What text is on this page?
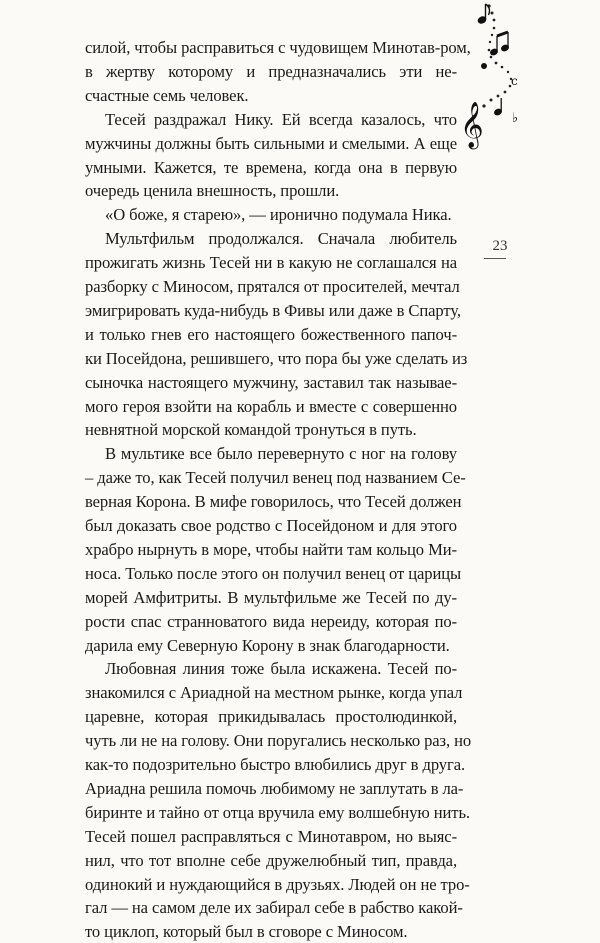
силой, чтобы расправиться с чудовищем Минотав-ром,
в жертву которому и предназначались эти не-
счастные семь человек.
Тесей раздражал Нику. Ей всегда казалось, что
мужчины должны быть сильными и смелыми. А еще
умными. Кажется, те времена, когда она в первую
очередь ценила внешность, прошли.
«О боже, я старею», — иронично подумала Ника.
Мультфильм продолжался. Сначала любитель
прожигать жизнь Тесей ни в какую не соглашался на
разборку с Миносом, прятался от просителей, мечтал
эмигрировать куда-нибудь в Фивы или даже в Спарту,
и только гнев его настоящего божественного папоч-
ки Посейдона, решившего, что пора бы уже сделать из
сыночка настоящего мужчину, заставил так называе-
мого героя взойти на корабль и вместе с совершенно
невнятной морской командой тронуться в путь.
В мультике все было перевернуто с ног на голову
– даже то, как Тесей получил венец под названием Се-
верная Корона. В мифе говорилось, что Тесей должен
был доказать свое родство с Посейдоном и для этого
храбро нырнуть в море, чтобы найти там кольцо Ми-
носа. Только после этого он получил венец от царицы
морей Амфитриты. В мультфильме же Тесей по ду-
рости спас странноватого вида нереиду, которая по-
дарила ему Северную Корону в знак благодарности.
Любовная линия тоже была искажена. Тесей по-
знакомился с Ариадной на местном рынке, когда упал
царевне, которая прикидывалась простолюдинкой,
чуть ли не на голову. Они поругались несколько раз, но
как-то подозрительно быстро влюбились друг в друга.
Ариадна решила помочь любимому не заплутать в ла-
биринте и тайно от отца вручила ему волшебную нить.
Тесей пошел расправляться с Минотавром, но выяс-
нил, что тот вполне себе дружелюбный тип, правда,
одинокий и нуждающийся в друзьях. Людей он не тро-
гал — на самом деле их забирал себе в рабство какой-
то циклоп, который был в сговоре с Миносом.
23
c
♭
𝄞
